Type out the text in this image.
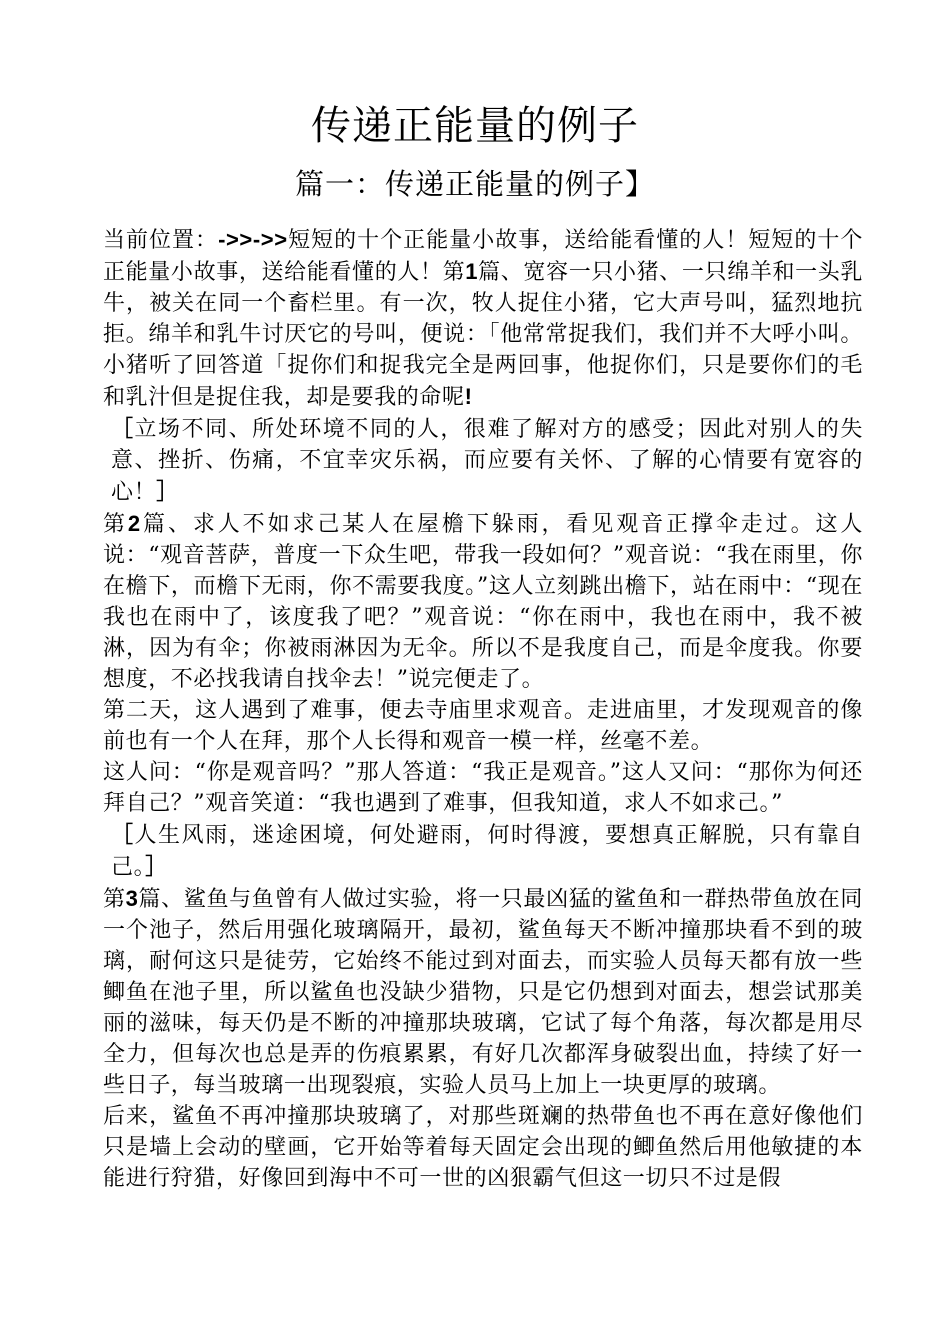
传递正能量的例子
篇一：传递正能量的例子】

当前位置：->>->>短短的十个正能量小故事，送给能看懂的人！短短的十个正能量小故事，送给能看懂的人！第1篇、宽容一只小猪、一只绵羊和一头乳牛，被关在同一个畜栏里。有一次，牧人捉住小猪，它大声号叫，猛烈地抗拒。绵羊和乳牛讨厌它的号叫，便说：「他常常捉我们，我们并不大呼小叫。小猪听了回答道「捉你们和捉我完全是两回事，他捉你们，只是要你们的毛和乳汁但是捉住我，却是要我的命呢!

［立场不同、所处环境不同的人，很难了解对方的感受；因此对别人的失意、挫折、伤痛，不宜幸灾乐祸，而应要有关怀、了解的心情要有宽容的心！］

第2篇、求人不如求己某人在屋檐下躲雨，看见观音正撑伞走过。这人说：“观音菩萨，普度一下众生吧，带我一段如何？”观音说：“我在雨里，你在檐下，而檐下无雨，你不需要我度。”这人立刻跳出檐下，站在雨中：“现在我也在雨中了，该度我了吧？”观音说：“你在雨中，我也在雨中，我不被淋，因为有伞；你被雨淋因为无伞。所以不是我度自己，而是伞度我。你要想度，不必找我请自找伞去！”说完便走了。

第二天，这人遇到了难事，便去寺庙里求观音。走进庙里，才发现观音的像前也有一个人在拜，那个人长得和观音一模一样，丝毫不差。

这人问：“你是观音吗？”那人答道：“我正是观音。”这人又问：“那你为何还拜自己？”观音笑道：“我也遇到了难事，但我知道，求人不如求己。”

［人生风雨，迷途困境，何处避雨，何时得渡，要想真正解脱，只有靠自己。］

第3篇、鲨鱼与鱼曾有人做过实验，将一只最凶猛的鲨鱼和一群热带鱼放在同一个池子，然后用强化玻璃隔开，最初，鲨鱼每天不断冲撞那块看不到的玻璃，耐何这只是徒劳，它始终不能过到对面去，而实验人员每天都有放一些鲫鱼在池子里，所以鲨鱼也没缺少猎物，只是它仍想到对面去，想尝试那美丽的滋味，每天仍是不断的冲撞那块玻璃，它试了每个角落，每次都是用尽全力，但每次也总是弄的伤痕累累，有好几次都浑身破裂出血，持续了好一些日子，每当玻璃一出现裂痕，实验人员马上加上一块更厚的玻璃。

后来，鲨鱼不再冲撞那块玻璃了，对那些斑斓的热带鱼也不再在意好像他们只是墙上会动的壁画，它开始等着每天固定会出现的鲫鱼然后用他敏捷的本能进行狩猎，好像回到海中不可一世的凶狠霸气但这一切只不过是假
